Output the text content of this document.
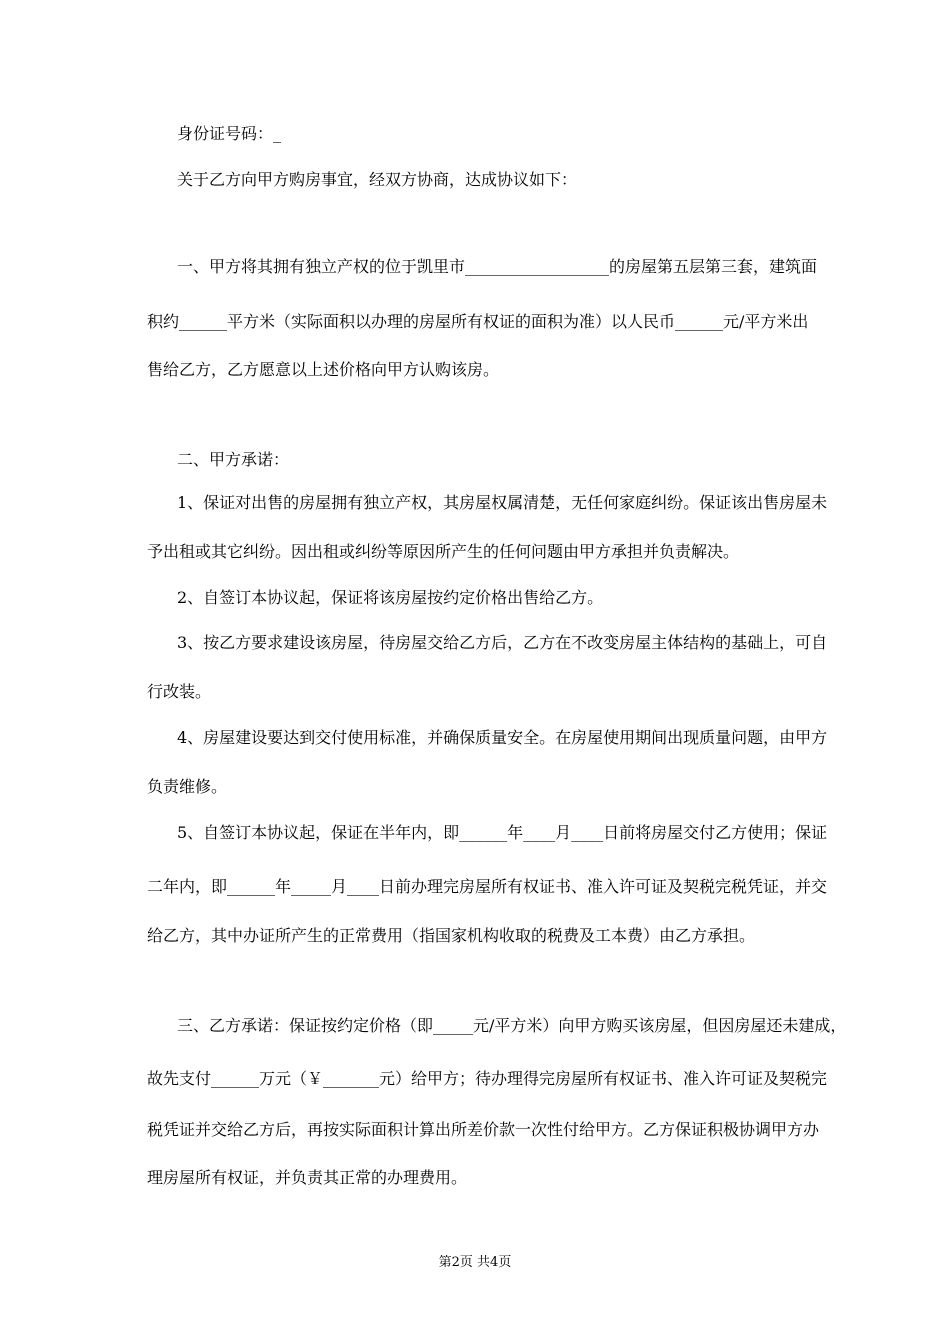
身份证号码：_
关于乙方向甲方购房事宜，经双方协商，达成协议如下：
一、甲方将其拥有独立产权的位于凯里市__________________的房屋第五层第三套，建筑面
积约______平方米（实际面积以办理的房屋所有权证的面积为准）以人民币______元/平方米出
售给乙方，乙方愿意以上述价格向甲方认购该房。
二、甲方承诺：
1、保证对出售的房屋拥有独立产权，其房屋权属清楚，无任何家庭纠纷。保证该出售房屋未
予出租或其它纠纷。因出租或纠纷等原因所产生的任何问题由甲方承担并负责解决。
2、自签订本协议起，保证将该房屋按约定价格出售给乙方。
3、按乙方要求建设该房屋，待房屋交给乙方后，乙方在不改变房屋主体结构的基础上，可自
行改装。
4、房屋建设要达到交付使用标准，并确保质量安全。在房屋使用期间出现质量问题，由甲方
负责维修。
5、自签订本协议起，保证在半年内，即______年____月____日前将房屋交付乙方使用；保证
二年内，即______年_____月____日前办理完房屋所有权证书、准入许可证及契税完税凭证，并交
给乙方，其中办证所产生的正常费用（指国家机构收取的税费及工本费）由乙方承担。
三、乙方承诺：保证按约定价格（即_____元/平方米）向甲方购买该房屋，但因房屋还未建成，
故先支付______万元（￥_______元）给甲方；待办理得完房屋所有权证书、准入许可证及契税完
税凭证并交给乙方后，再按实际面积计算出所差价款一次性付给甲方。乙方保证积极协调甲方办
理房屋所有权证，并负责其正常的办理费用。
第2页 共4页
